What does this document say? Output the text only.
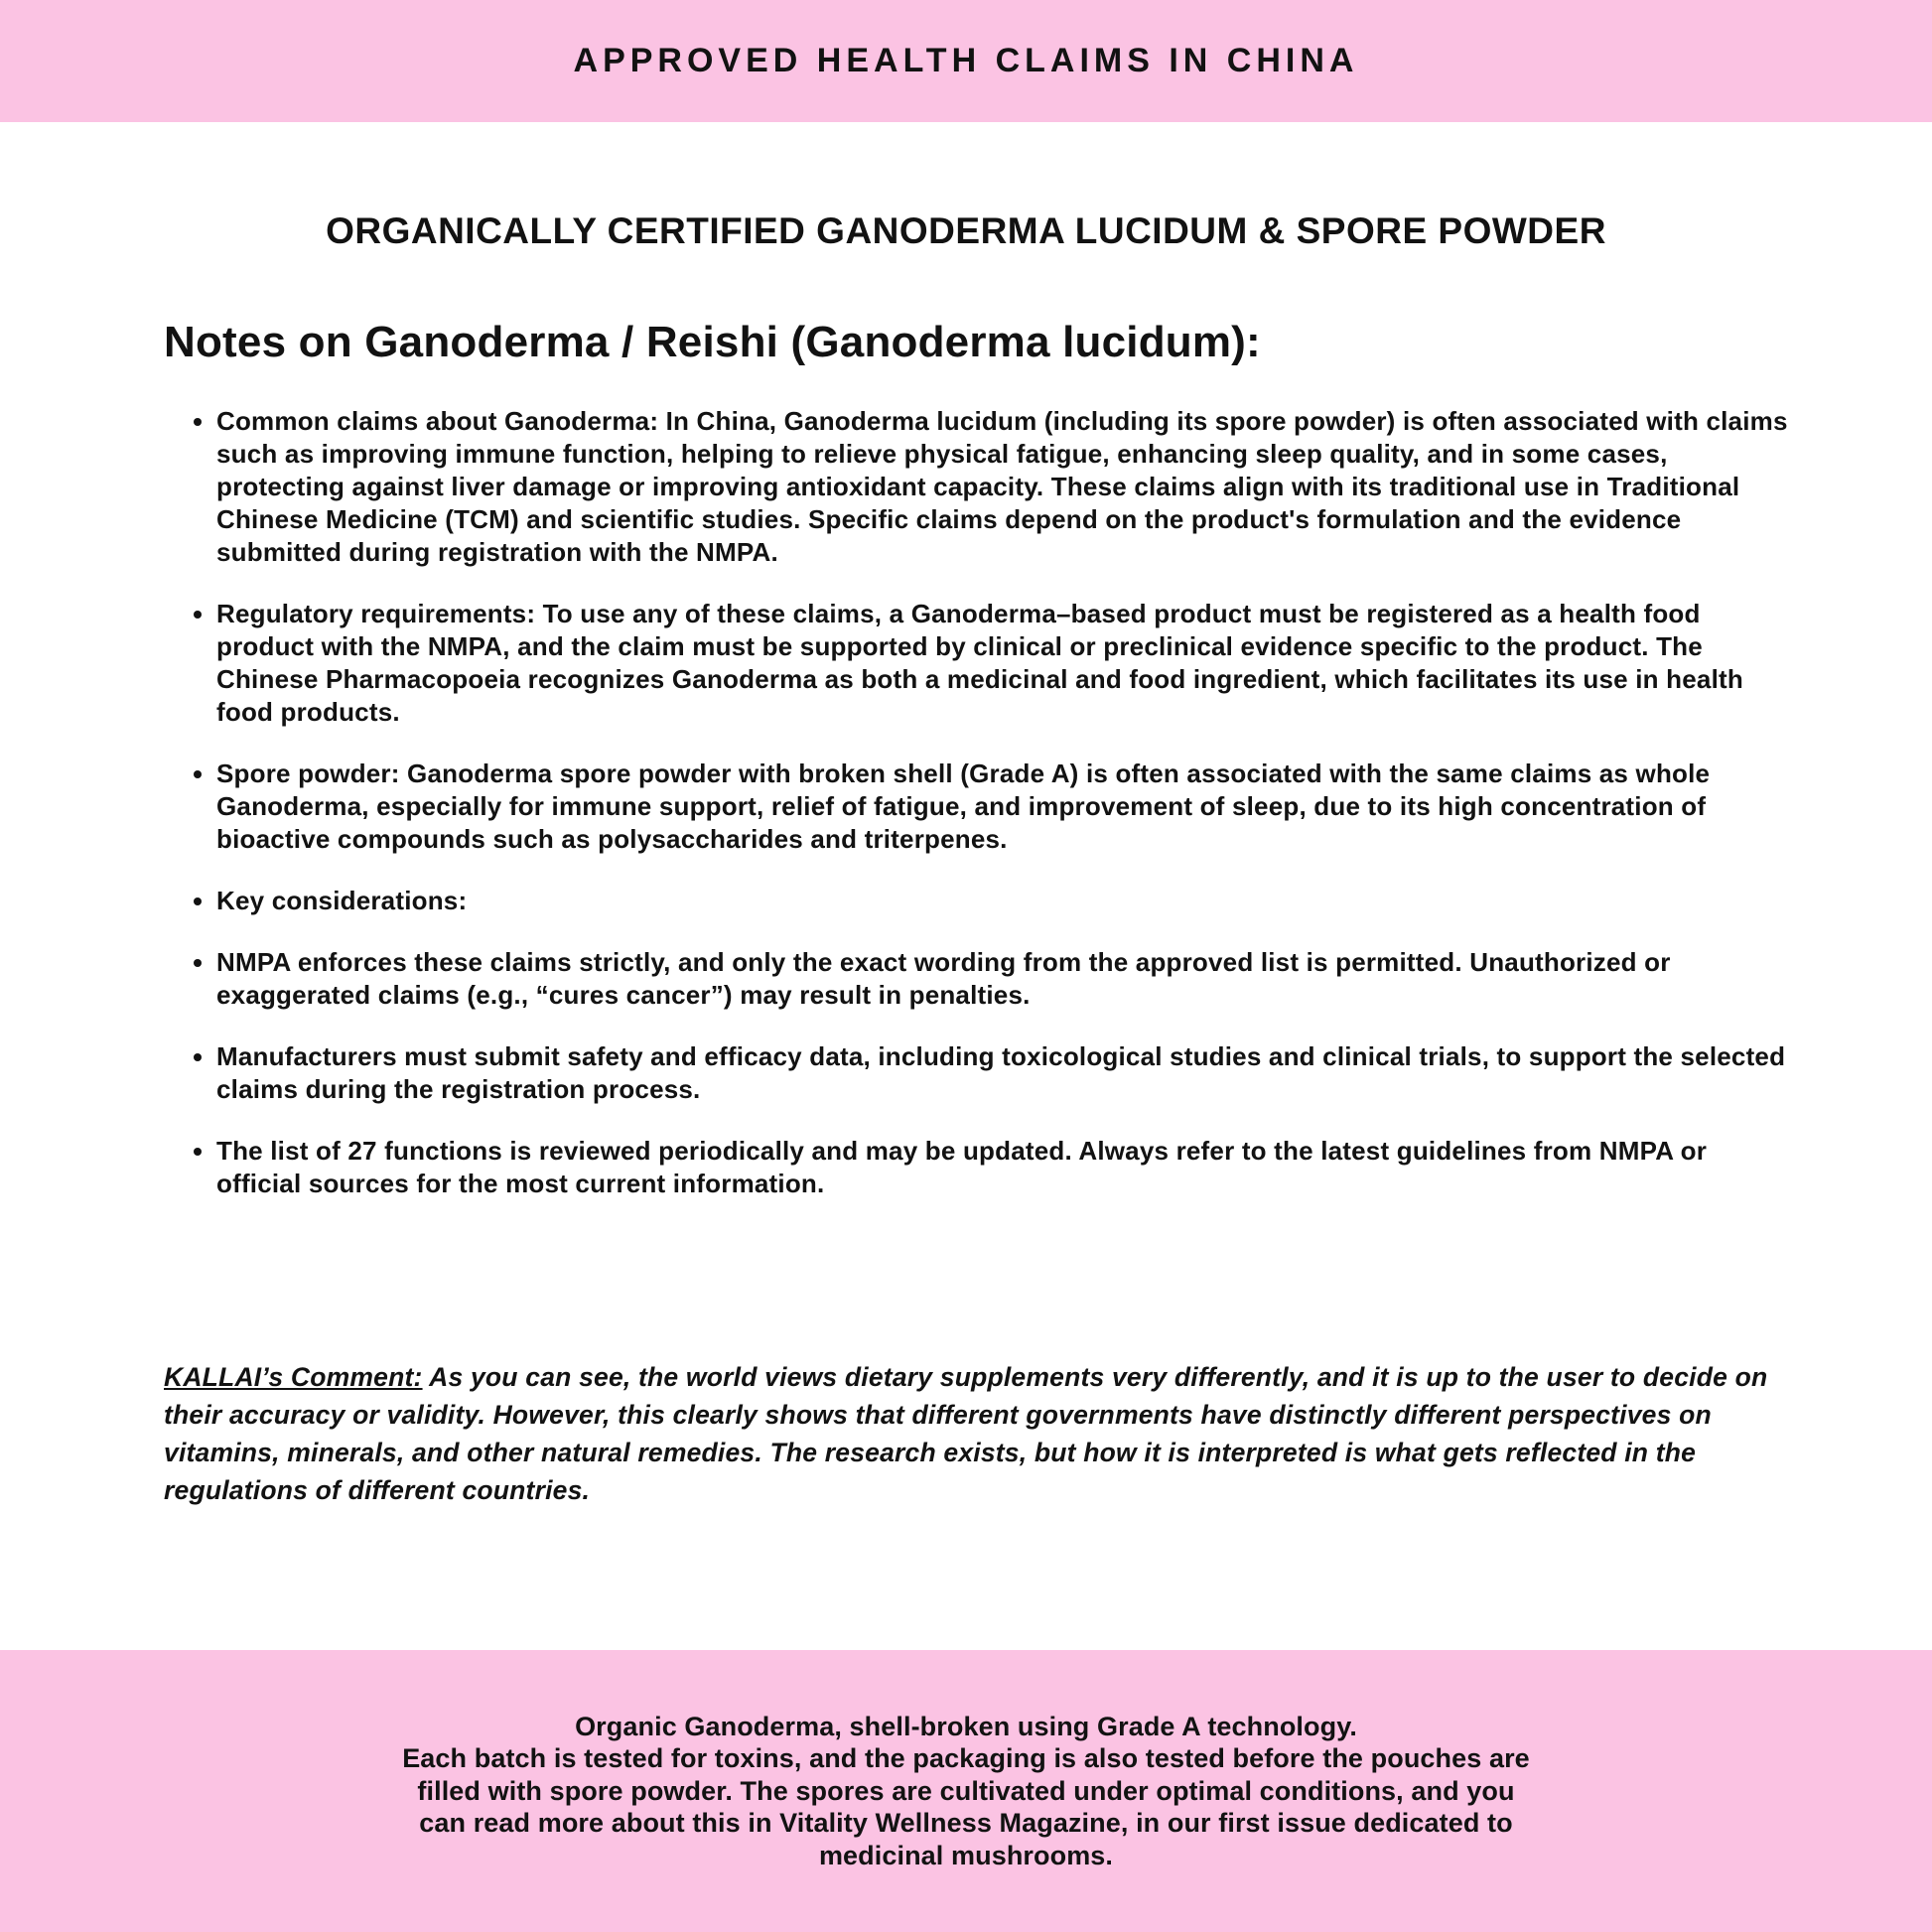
APPROVED HEALTH CLAIMS IN CHINA
ORGANICALLY CERTIFIED GANODERMA LUCIDUM & SPORE POWDER
Notes on Ganoderma / Reishi (Ganoderma lucidum):
• Common claims about Ganoderma: In China, Ganoderma lucidum (including its spore powder) is often associated with claims such as improving immune function, helping to relieve physical fatigue, enhancing sleep quality, and in some cases, protecting against liver damage or improving antioxidant capacity. These claims align with its traditional use in Traditional Chinese Medicine (TCM) and scientific studies. Specific claims depend on the product's formulation and the evidence submitted during registration with the NMPA.
• Regulatory requirements: To use any of these claims, a Ganoderma–based product must be registered as a health food product with the NMPA, and the claim must be supported by clinical or preclinical evidence specific to the product. The Chinese Pharmacopoeia recognizes Ganoderma as both a medicinal and food ingredient, which facilitates its use in health food products.
• Spore powder: Ganoderma spore powder with broken shell (Grade A) is often associated with the same claims as whole Ganoderma, especially for immune support, relief of fatigue, and improvement of sleep, due to its high concentration of bioactive compounds such as polysaccharides and triterpenes.
• Key considerations:
• NMPA enforces these claims strictly, and only the exact wording from the approved list is permitted. Unauthorized or exaggerated claims (e.g., “cures cancer”) may result in penalties.
• Manufacturers must submit safety and efficacy data, including toxicological studies and clinical trials, to support the selected claims during the registration process.
• The list of 27 functions is reviewed periodically and may be updated. Always refer to the latest guidelines from NMPA or official sources for the most current information.

KALLAI’s Comment: As you can see, the world views dietary supplements very differently, and it is up to the user to decide on their accuracy or validity. However, this clearly shows that different governments have distinctly different perspectives on vitamins, minerals, and other natural remedies. The research exists, but how it is interpreted is what gets reflected in the regulations of different countries.

Organic Ganoderma, shell-broken using Grade A technology.
Each batch is tested for toxins, and the packaging is also tested before the pouches are
filled with spore powder. The spores are cultivated under optimal conditions, and you
can read more about this in Vitality Wellness Magazine, in our first issue dedicated to
medicinal mushrooms.
